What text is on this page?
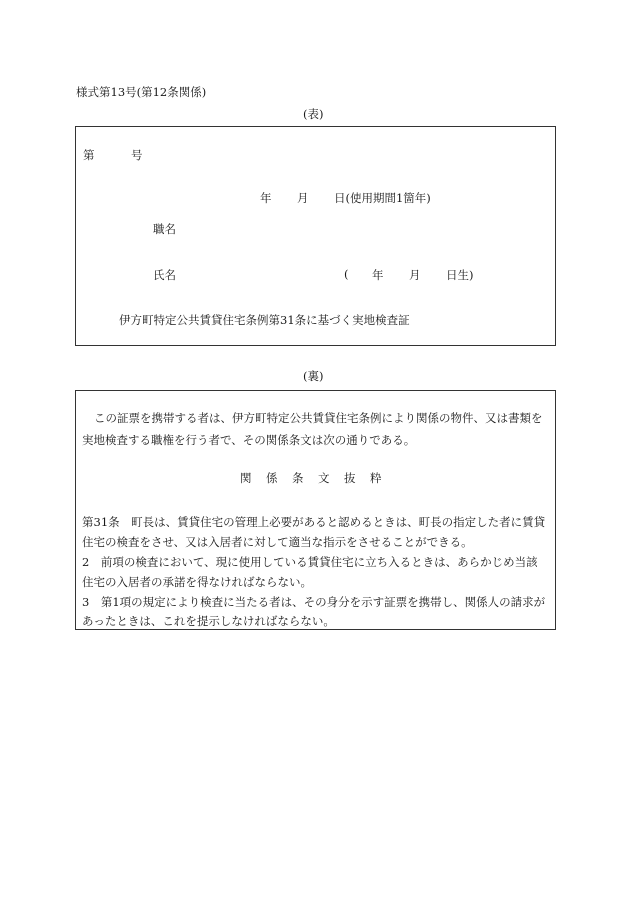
様式第13号(第12条関係)
(表)
第	号
年 月 日(使用期間1箇年)
職名
氏名	( 年 月 日生)
伊方町特定公共賃貸住宅条例第31条に基づく実地検査証
(裏)
この証票を携帯する者は、伊方町特定公共賃貸住宅条例により関係の物件、又は書類を
実地検査する職権を行う者で、その関係条文は次の通りである。
関 係 条 文 抜 粋
第31条　町長は、賃貸住宅の管理上必要があると認めるときは、町長の指定した者に賃貸
住宅の検査をさせ、又は入居者に対して適当な指示をさせることができる。
2　前項の検査において、現に使用している賃貸住宅に立ち入るときは、あらかじめ当該
住宅の入居者の承諾を得なければならない。
3　第1項の規定により検査に当たる者は、その身分を示す証票を携帯し、関係人の請求が
あったときは、これを提示しなければならない。
